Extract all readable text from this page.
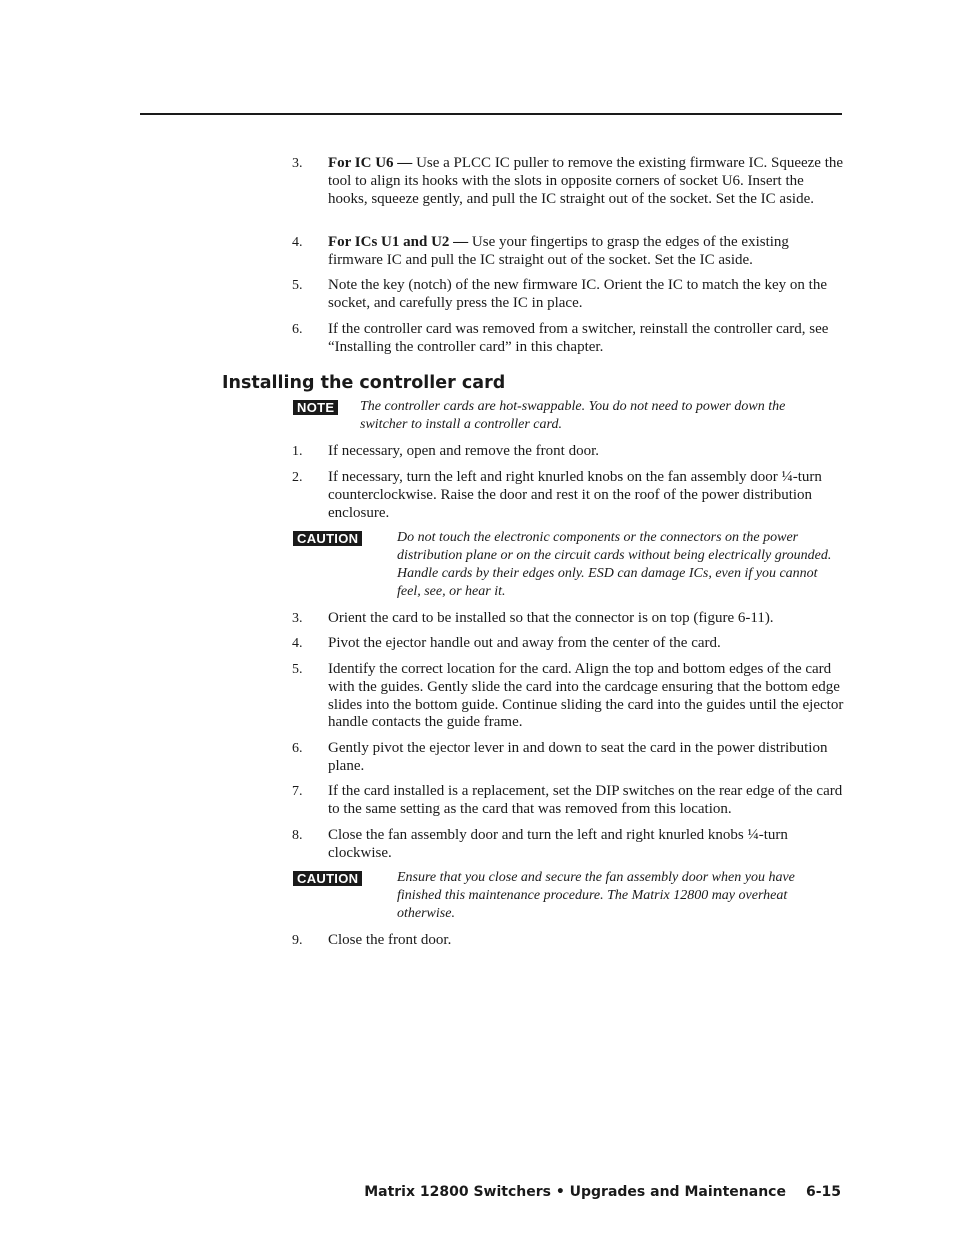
3. For IC U6 — Use a PLCC IC puller to remove the existing firmware IC. Squeeze the tool to align its hooks with the slots in opposite corners of socket U6. Insert the hooks, squeeze gently, and pull the IC straight out of the socket. Set the IC aside.
4. For ICs U1 and U2 — Use your fingertips to grasp the edges of the existing firmware IC and pull the IC straight out of the socket. Set the IC aside.
5. Note the key (notch) of the new firmware IC. Orient the IC to match the key on the socket, and carefully press the IC in place.
6. If the controller card was removed from a switcher, reinstall the controller card, see “Installing the controller card” in this chapter.
Installing the controller card
NOTE The controller cards are hot-swappable. You do not need to power down the switcher to install a controller card.
1. If necessary, open and remove the front door.
2. If necessary, turn the left and right knurled knobs on the fan assembly door ¼-turn counterclockwise. Raise the door and rest it on the roof of the power distribution enclosure.
CAUTION	Do not touch the electronic components or the connectors on the power distribution plane or on the circuit cards without being electrically grounded. Handle cards by their edges only. ESD can damage ICs, even if you cannot feel, see, or hear it.
3. Orient the card to be installed so that the connector is on top (figure 6-11).
4. Pivot the ejector handle out and away from the center of the card.
5. Identify the correct location for the card. Align the top and bottom edges of the card with the guides. Gently slide the card into the cardcage ensuring that the bottom edge slides into the bottom guide. Continue sliding the card into the guides until the ejector handle contacts the guide frame.
6. Gently pivot the ejector lever in and down to seat the card in the power distribution plane.
7. If the card installed is a replacement, set the DIP switches on the rear edge of the card to the same setting as the card that was removed from this location.
8. Close the fan assembly door and turn the left and right knurled knobs ¼-turn clockwise.
CAUTION	Ensure that you close and secure the fan assembly door when you have finished this maintenance procedure. The Matrix 12800 may overheat otherwise.
9. Close the front door.
Matrix 12800 Switchers • Upgrades and Maintenance 6-15
